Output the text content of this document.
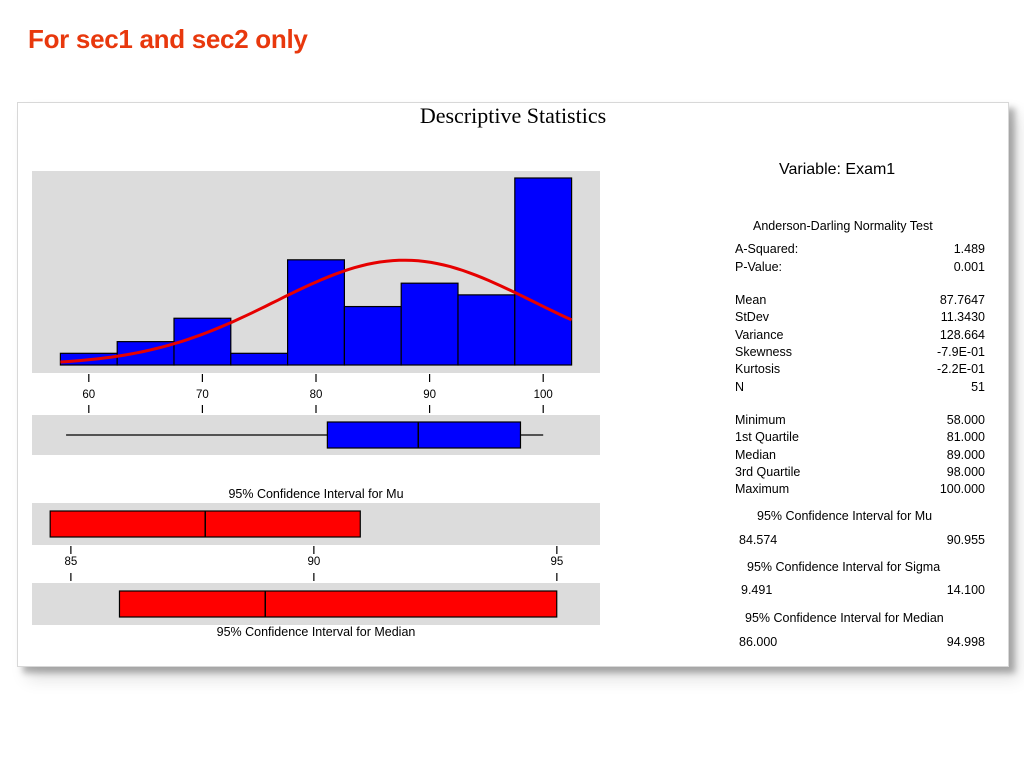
For sec1 and sec2 only
Descriptive Statistics
60	70	80	90	100
95% Confidence Interval for Mu
85	90	95
95% Confidence Interval for Median
Variable: Exam1
Anderson-Darling Normality Test
A-Squared:	1.489
P-Value:	0.001
Mean	87.7647
StDev	11.3430
Variance	128.664
Skewness	-7.9E-01
Kurtosis	-2.2E-01
N	51
Minimum	58.000
1st Quartile	81.000
Median	89.000
3rd Quartile	98.000
Maximum	100.000
95% Confidence Interval for Mu
84.574	90.955
95% Confidence Interval for Sigma
9.491	14.100
95% Confidence Interval for Median
86.000	94.998
